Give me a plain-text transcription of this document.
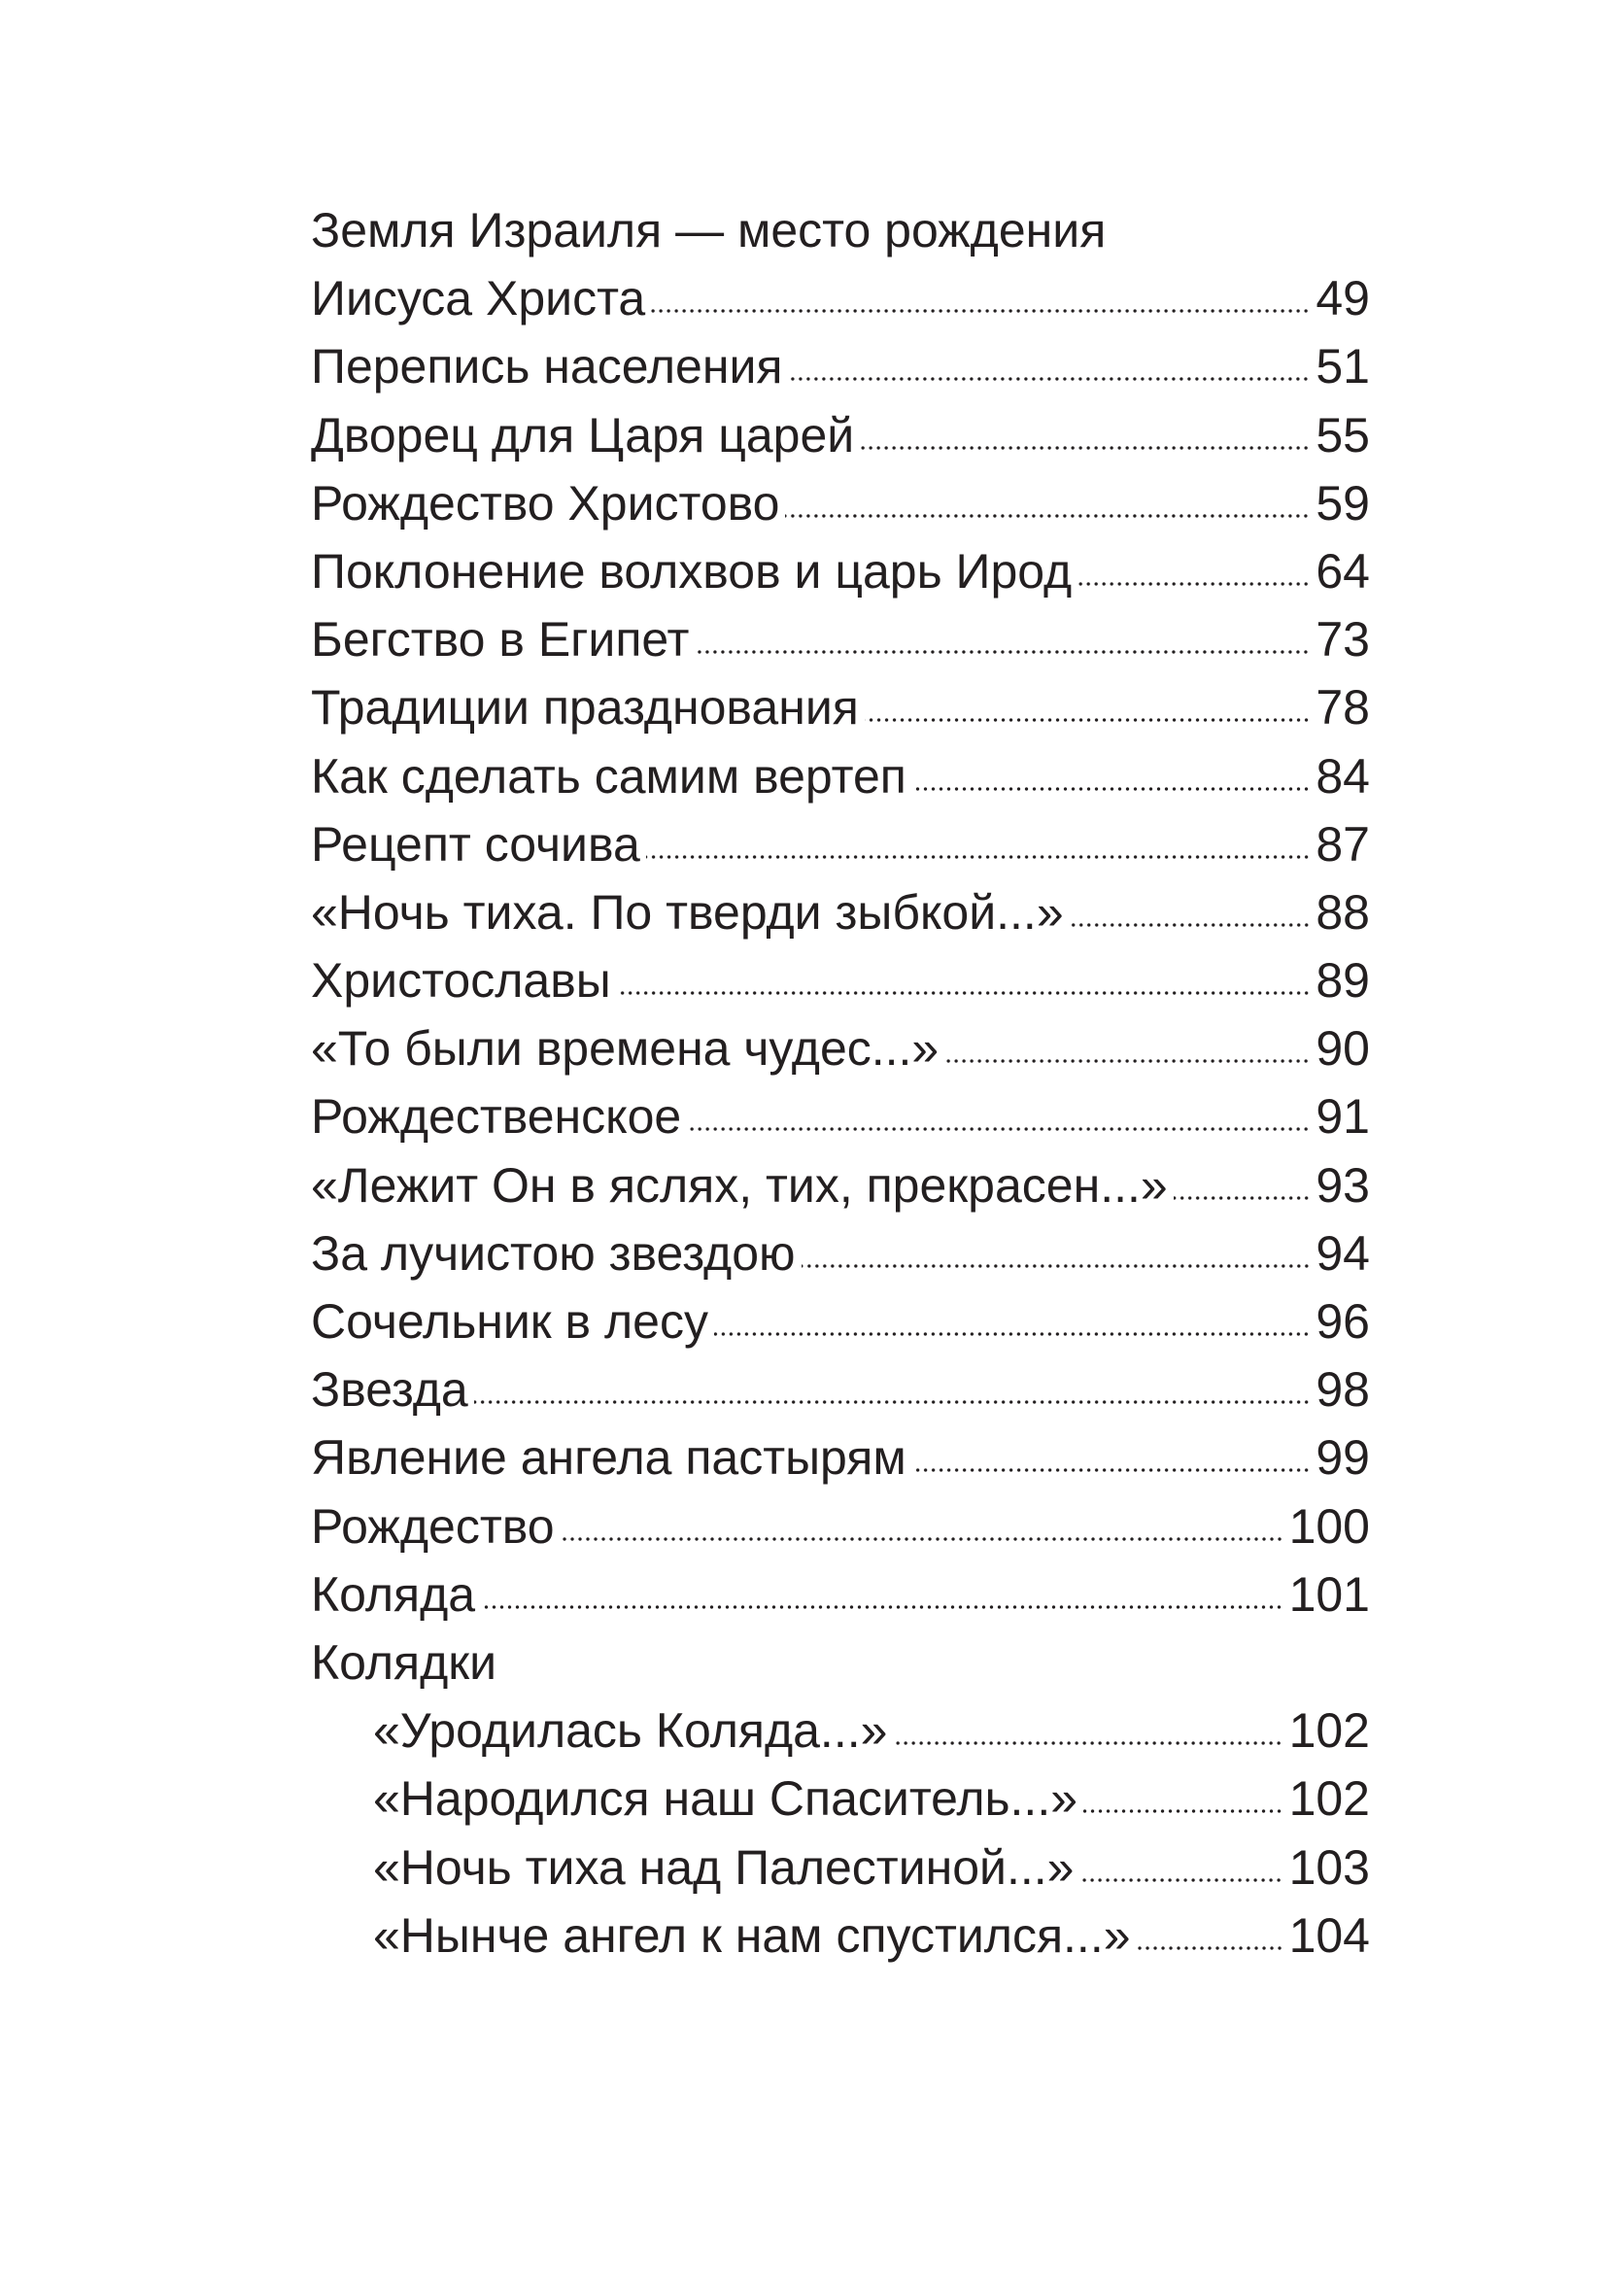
Земля Израиля — место рождения
Иисуса Христа	49
Перепись населения	51
Дворец для Царя царей	55
Рождество Христово	59
Поклонение волхвов и царь Ирод	64
Бегство в Египет	73
Традиции празднования	78
Как сделать самим вертеп	84
Рецепт сочива	87
«Ночь тиха. По тверди зыбкой...»	88
Христославы	89
«То были времена чудес...»	90
Рождественское	91
«Лежит Он в яслях, тих, прекрасен...»	93
За лучистою звездою	94
Сочельник в лесу	96
Звезда	98
Явление ангела пастырям	99
Рождество	100
Коляда	101
Колядки
«Уродилась Коляда...»	102
«Народился наш Спаситель...»	102
«Ночь тиха над Палестиной...»	103
«Нынче ангел к нам спустился...»	104
